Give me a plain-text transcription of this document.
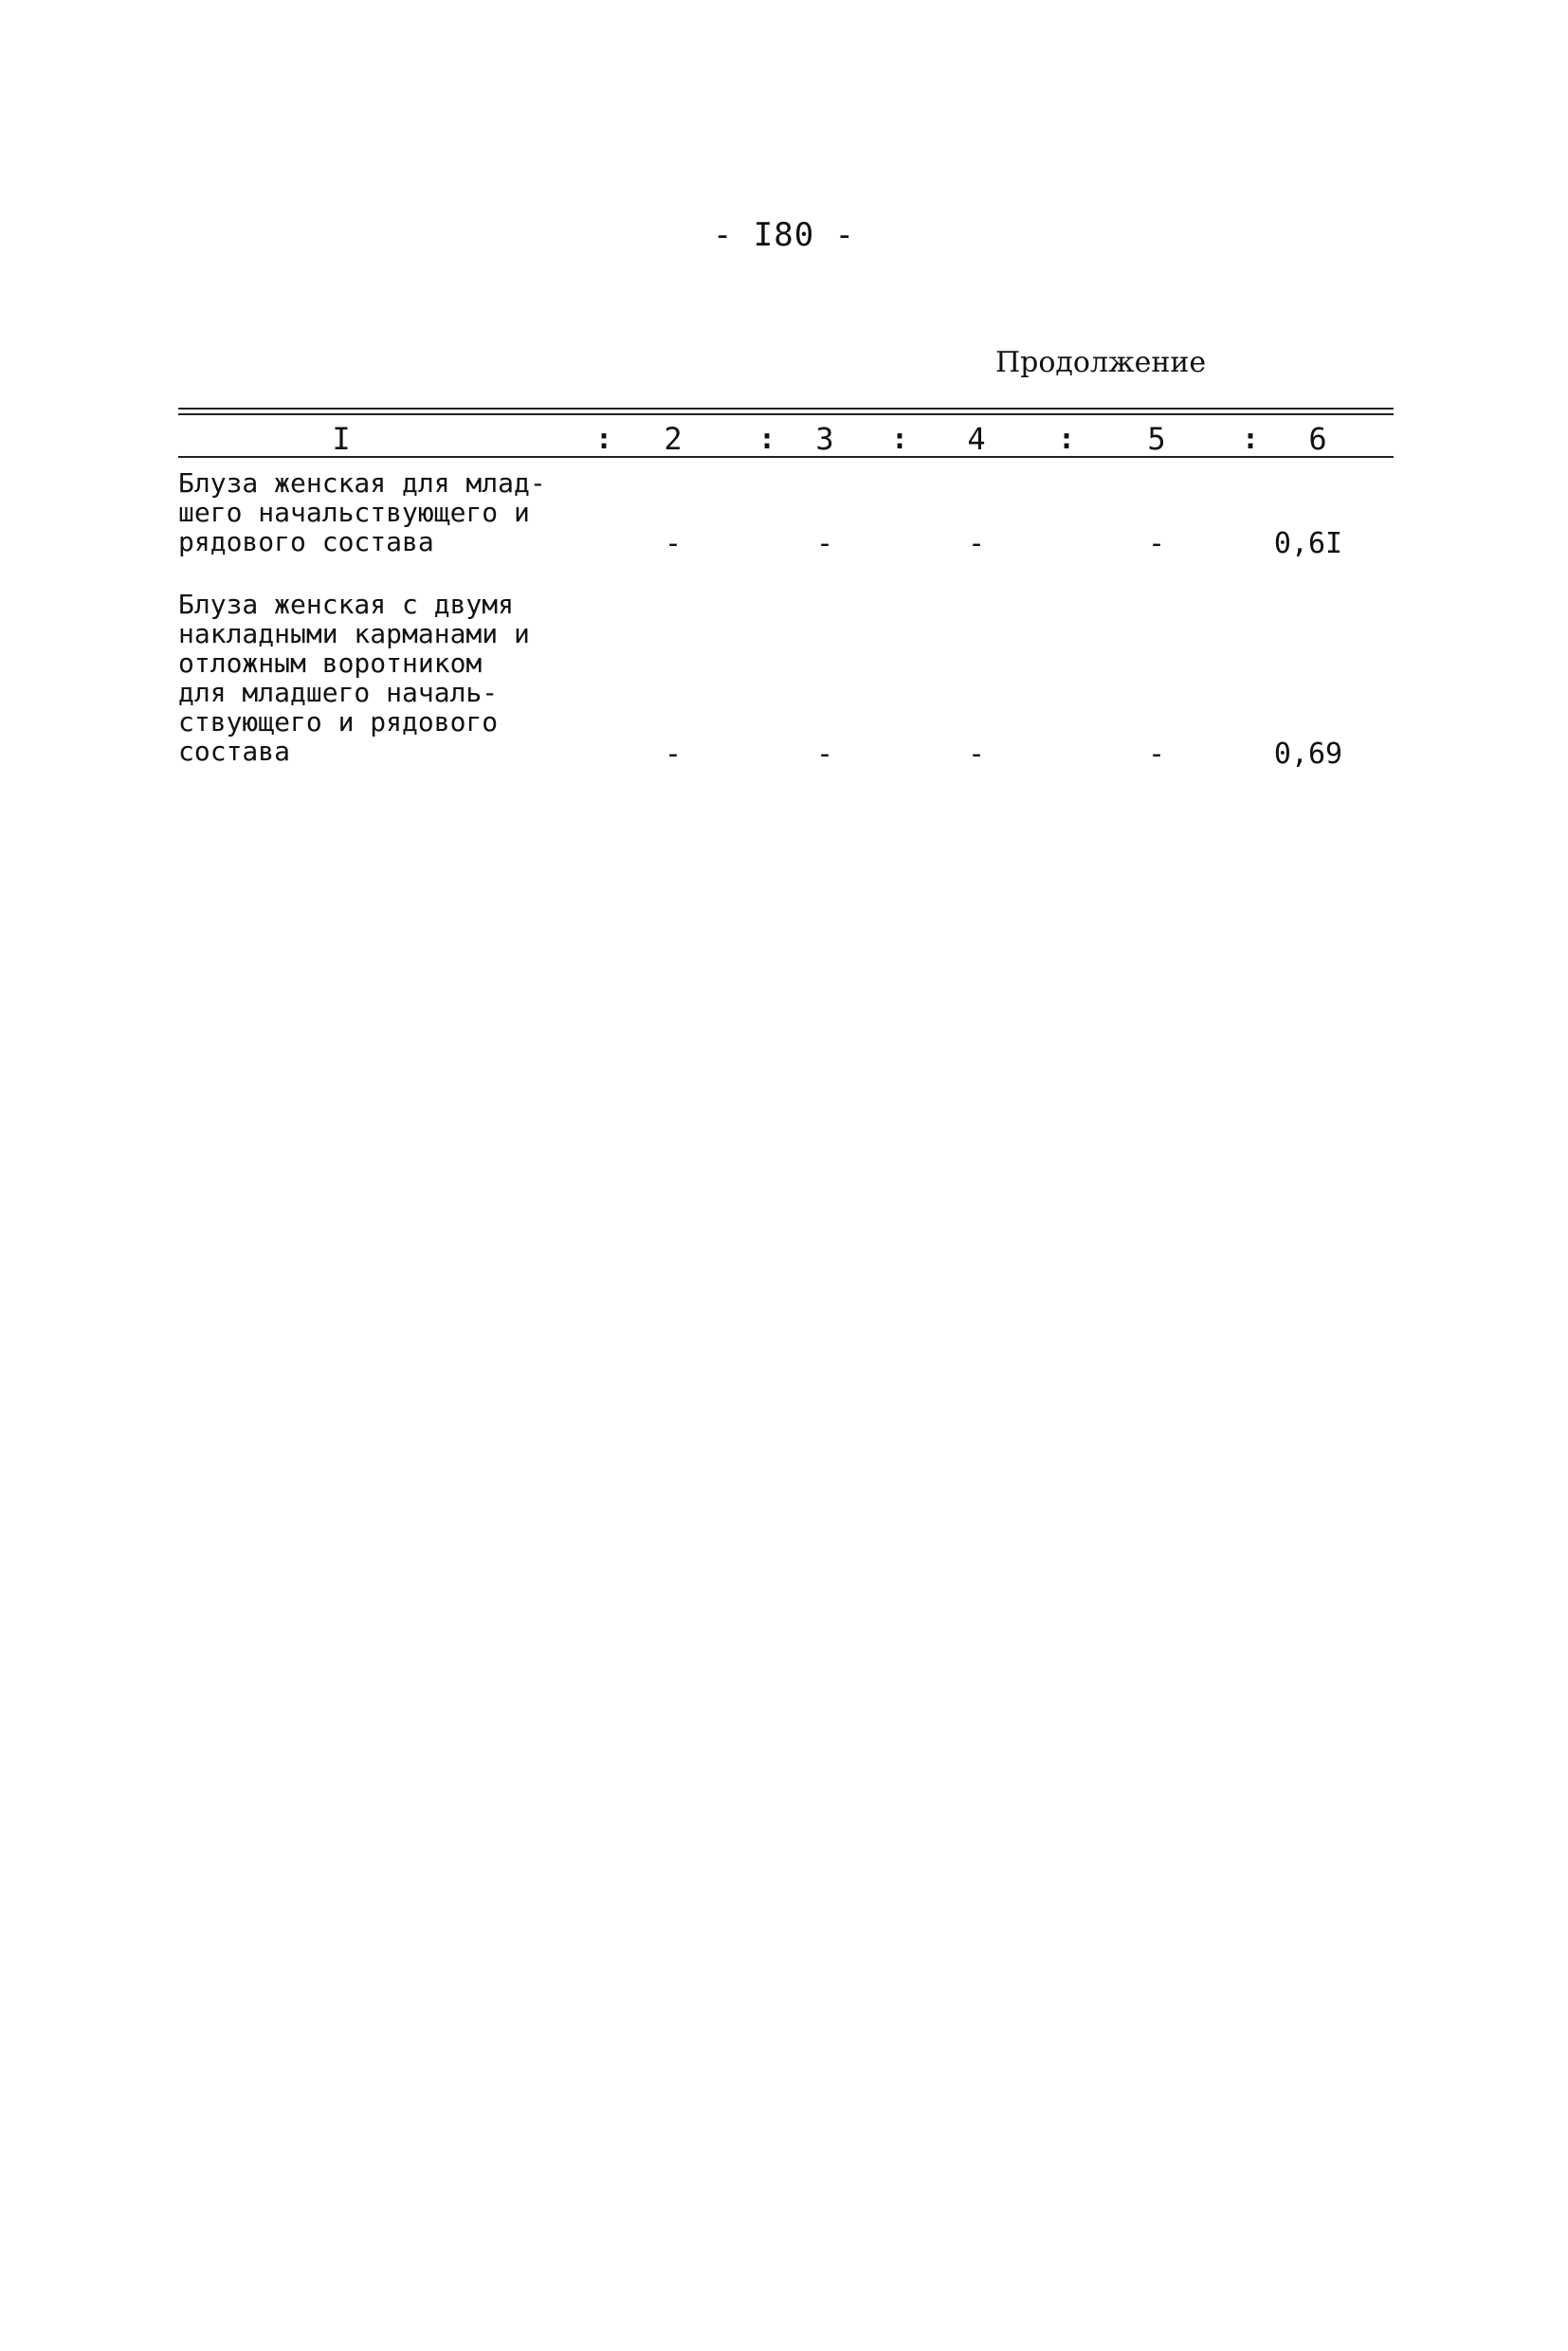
- I80 -
Продолжение
I	:	2	:	3	:	4	:	5	:	6
Блуза женская для млад-
шего начальствующего и
рядового состава	-	-	-	-	0,6I
Блуза женская с двумя
накладными карманами и
отложным воротником
для младшего началь-
ствующего и рядового
состава	-	-	-	-	0,69
